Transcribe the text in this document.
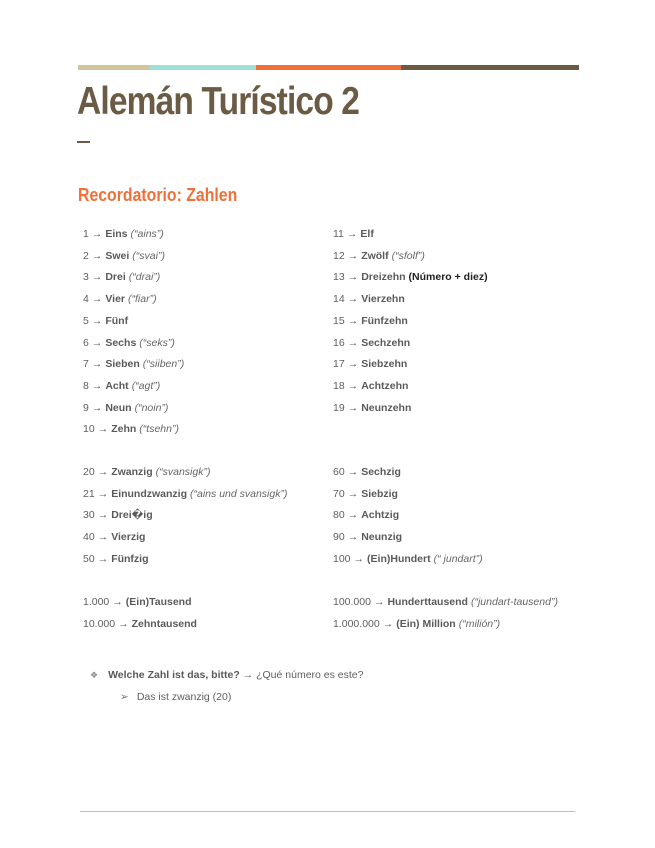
Alemán Turístico 2
Recordatorio: Zahlen
1 → Eins (“ains”)
2 → Swei (“svai”)
3 → Drei (“drai”)
4 → Vier (“fiar”)
5 → Fünf
6 → Sechs (“seks”)
7 → Sieben (“siiben”)
8 → Acht (“agt”)
9 → Neun (“noin”)
10 → Zehn (“tsehn”)
11 → Elf
12 → Zwölf (“sfolf”)
13 → Dreizehn (Número + diez)
14 → Vierzehn
15 → Fünfzehn
16 → Sechzehn
17 → Siebzehn
18 → Achtzehn
19 → Neunzehn
20 → Zwanzig (“svansigk”)
21 → Einundzwanzig (“ains und svansigk”)
30 → Drei�ig
40 → Vierzig
50 → Fünfzig
60 → Sechzig
70 → Siebzig
80 → Achtzig
90 → Neunzig
100 → (Ein)Hundert (“ jundart”)
1.000 → (Ein)Tausend
10.000 → Zehntausend
100.000 → Hunderttausend (“jundart-tausend”)
1.000.000 → (Ein) Million (“milión”)
❖ Welche Zahl ist das, bitte? → ¿Qué número es este?
➢ Das ist zwanzig (20)
